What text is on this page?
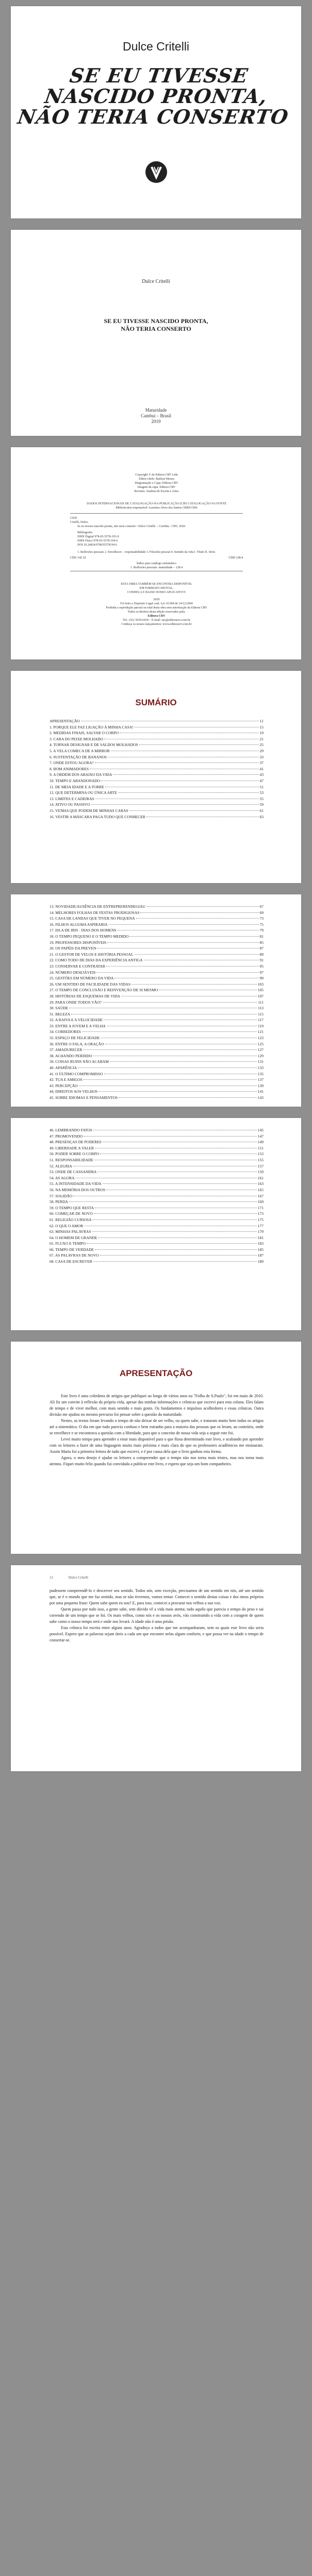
Dulce Critelli
SE EU TIVESSE
NASCIDO PRONTA,
NÃO TERIA CONSERTO
Dulce Critelli
SE EU TIVESSE NASCIDO PRONTA,
NÃO TERIA CONSERTO
Maturidade
Cambuí – Brasil
2019
Copyright © da Editora CRV Ltda
Editor-chefe: Railson Moura
Diagramação e Capa: Editora CRV
Imagem da capa: Editora CRV
Revisão: Analista de Escrita e Artes
DADOS INTERNACIONAIS DE CATALOGAÇÃO-NA-PUBLICAÇÃO (CIP) CATALOGAÇÃO NA FONTE
Bibliotecária responsável: Luzenira Alves dos Santos CRB9/1506
C939
Critelli, Dulce.
Se eu tivesse nascido pronta, não teria conserto / Dulce Critelli. – Curitiba : CRV, 2020.
Bibliografia
ISBN Digital 978-65-5578-193-9
ISBN Físico 978-65-5578-194-6
DOI 10.24824/978655578194.6
1. Reflexões pessoais 2. Envelhecer – responsabilidade 3. Filosofia pessoal 4. Sentido da vida I. Título II. Série.
CDU 141.32	CDD 128.4
Índice para catálogo sistemático
1. Reflexões pessoais: maturidade – 128.4
ESTA OBRA TAMBÉM SE ENCONTRA DISPONÍVEL
EM FORMATO DIGITAL.
CONHEÇA E BAIXE NOSSO APLICATIVO!
2020
Foi feito o Depósito Legal conf. Lei 10.994 de 14/12/2004
Proibida a reprodução parcial ou total desta obra sem autorização da Editora CRV
Todos os direitos desta edição reservados pela:
Editora CRV
Tel.: (41) 3039-6418 – E-mail: sac@editoracrv.com.br
Conheça os nossos lançamentos: www.editoracrv.com.br
SUMÁRIO
APRESENTAÇÃO	11
1. PORQUE ELE FAZ LIGAÇÃO À MINHA CASA!	15
2. MEDIDAS FINAIS, SALVAR O CORPO	19
3. CARA DO PEIXE MOLHADO	21
4. TORNAR DESIGNAR E DE SALDOS MOLHADOS	25
5. A VELA COMECA DE A MIRROR	29
6. SUSTENTAÇÃO DE BANANOS	33
7. ONDE ESTOU AGORA?	37
8. BOM ANIMADORES	41
9. A ORDEM DOS ABAIXO DA VIDA	43
10. TEMPO E ABANDONADO	47
11. DE MEIA IDADE E A TORRE	51
12. QUE DETERMINA OU ÚNICA ARTE	53
13. LIMITES E CADEIRAS	55
14. ATIVO OU PASSIVO	59
15. VENHA QUE PODEM DE MINHAS CARAS	61
16. VESTIR A MÁSCARA PAGA TUDO QUE CONHECER	63
13. NOVIDADE/AUSÊNCIA DE ENTREPRERENDEGIAU	67
14. MELHORES FOLHAS DE FESTAS PRODIGIOSAS	69
15. CASA DE LANDAS QUE TIVER NO PEQUENA	73
16. FILHOS ALGUMA ASPIRARIA	75
17. ISLA DE IRIS · DIAS DOS HOMENS	79
18. O TEMPO PEQUENO E O TEMPO MEDIDO	81
19. PROFESSORES DISPONÍVEIS	85
20. OS PAPÉIS DA PREVEN	87
21. O GESTOR DE VELOS E HISTÓRIA PESSOAL	89
22. COMO TODO DE DIAS DA EXPERIÊNCIA ANTIGA	91
23. CONSERVAR E CONTRATAR	95
24. NÚMERO DESEJÁVEIS	97
25. GESTÕES EM NÚMERO DA VIDA	99
26. UM SENTIDO DE FACILIDADE DAS VIDAS	103
27. O TEMPO DE CONCLUSÃO E REINVENÇÃO DE SI MESMO	105
28. HISTÓRIAS DE ESQUEMAS DE VIDA	107
29. PARA ONDE TODOS VÃO?	111
30. SAÚDE	113
31. BELEZA	115
32. A RAIVA E A VELOCIDADE	117
33. ENTRE A JOVEM E A VELHA	119
34. CORREDORES	121
35. ESPAÇO DE FELICIDADE	123
36. ENTRE O FALA, A ORAÇÃO	125
37. AMADURECER	127
38. ACHANDO PERDIDO	129
39. COISAS RUINS NÃO ACABAM	131
40. APARÊNCIA	133
41. O ÚLTIMO COMPROMISSO	135
42. TUA E AMIGOS	137
43. PERCEPÇÃO	139
44. DIREITOS AOS VELHOS	141
45. SOBRE IDIOMAS E PENSAMENTOS	143
46. LEMBRANDO FATOS	145
47. PROMOVENDO	147
48. PRESENÇAS DE PODERES	149
49. LIBERDADE A VALER	151
50. PODER SOBRE O CORPO	153
51. RESPONSABILIDADE	155
52. ALEGRIA	157
53. ONDE DE CASSANDRA	159
54. AS AGORA	161
55. A INTENSIDADE DA VIDA	163
56. NA MEMÓRIA DOS OUTROS	165
57. SOLIDÃO	167
58. PERDA	169
59. O TEMPO QUE RESTA	171
60. COMEÇAR DE NOVO	173
61. RELIGIÃO CURIOSA	175
62. O QUE O AMOR	177
63. MINHAS PALAVRAS	179
64. O HOMEM DE GRANDE	181
65. FLUXO E TEMPO	183
66. TEMPO DE VERDADE	185
67. AS PALAVRAS DE NOVO	187
68. CASA DE ESCREVER	189
APRESENTAÇÃO

Este livro é uma coletânea de artigos que publiquei ao longo de vários anos na "Folha de S.Paulo", foi em maio de 2010. Ali fiz um convite à reflexão da própria vida, apesar das minhas informações e crônicas que escrevi para esta coluna. Eles falam de tempo e de viver melhor, com mais sentido e mais gosto. Os fundamentos e impulsos acolhedores e essas crônicas. Outra divisão me ajudou no mesmo percurso foi pensar sobre a questão da maturidade.

Nestes, as textos foram levando o tempo de não deixar de ser velho, ou quem sabe, e trataram muito bem todos os artigos até a sistemática. O dia em que tudo parecia confuso e bem estranho para a maioria das pessoas que os leram, ao contrário, onde se envelhece e se encontrava a questão com a liberdade, para que o conceito de nossa vida seja a seguir este foi.

Levei muito tempo para aprender a estar mais disponível para o que Rosa determinado este livro, e acabando por aprender com os leitores a fazer de uma linguagem muito mais próxima e mais clara do que os professores acadêmicos me ensinaram. Assim Maria foi a primeira leitora de tudo que escrevi, e é por causa dela que o livro ganhou esta forma.

Agora, o meu desejo é ajudar os leitores a compreender que o tempo não nos torna mais tristes, mas nos torna mais atentos. Fiquei muito feliz quando fui convidada a publicar este livro, e espero que seja um bom companheiro.

12	Dulce Critelli

pudessem compreendê-lo e descrever seu sentido. Todos nós, sem exceção, precisamos de um sentido em nós, até um sentido que, se é o mundo que me faz sentido, mas se não tivermos, vamos tentar. Comecei o sentido destas coisas e dos meus próprios por uma pequena frase: Quem sabe quem eu sou? E, para isso, comecei a procurar nos velhos a sua voz.

Quem passa por tudo isso, a gente sabe, sem dúvida vê a vida mais atenta; tudo aquilo que parecia o tempo do peso e sai correndo de um tempo que se foi. Os mais velhos, como nós e os nossos avós, vão construindo a vida com a coragem de quem sabe como o nosso tempo será e onde nos levará. A idade não é uma prisão.

Esta crônica foi escrita entre alguns anos. Agradeço a todos que me acompanharam, sem os quais este livro não seria possível. Espero que as palavras sejam úteis a cada um que encontre nelas algum conforto, e que possa ver na idade o tempo de consertar-se.
